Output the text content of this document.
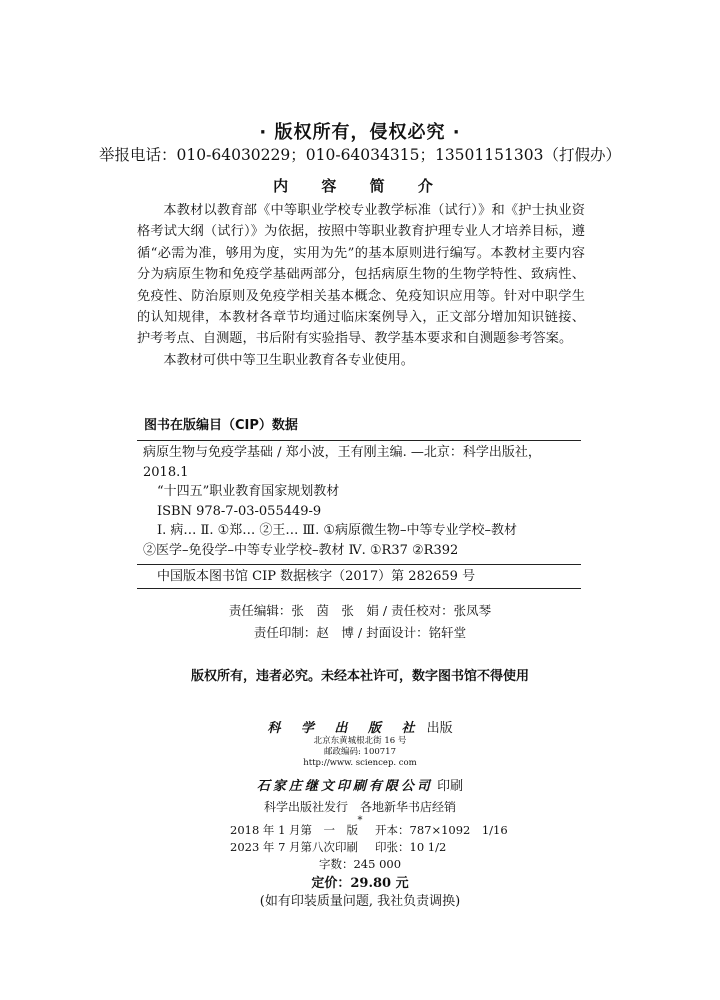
· 版权所有，侵权必究 ·
举报电话：010-64030229；010-64034315；13501151303（打假办）
内 容 简 介

本教材以教育部《中等职业学校专业教学标准（试行）》和《护士执业资格考试大纲（试行）》为依据，按照中等职业教育护理专业人才培养目标，遵循“必需为准，够用为度，实用为先”的基本原则进行编写。本教材主要内容分为病原生物和免疫学基础两部分，包括病原生物的生物学特性、致病性、免疫性、防治原则及免疫学相关基本概念、免疫知识应用等。针对中职学生的认知规律，本教材各章节均通过临床案例导入，正文部分增加知识链接、护考考点、自测题，书后附有实验指导、教学基本要求和自测题参考答案。

本教材可供中等卫生职业教育各专业使用。

图书在版编目（CIP）数据
病原生物与免疫学基础 / 郑小波，王有刚主编. —北京：科学出版社，
2018.1
“十四五”职业教育国家规划教材
ISBN 978-7-03-055449-9
Ⅰ. 病… Ⅱ. ①郑… ②王… Ⅲ. ①病原微生物–中等专业学校–教材
②医学–免役学–中等专业学校–教材 Ⅳ. ①R37 ②R392
中国版本图书馆 CIP 数据核字（2017）第 282659 号
责任编辑：张　茵　张　娟 / 责任校对：张凤琴
责任印制：赵　博 / 封面设计：铭轩堂
版权所有，违者必究。未经本社许可，数字图书馆不得使用
科 学 出 版 社 出版
北京东黄城根北街 16 号
邮政编码: 100717
http://www. sciencep. com
石家庄继文印刷有限公司 印刷
科学出版社发行　各地新华书店经销
*
2018 年 1 月第　一　版	开本：787×1092　1/16
2023 年 7 月第八次印刷	印张：10 1/2
字数：245 000
定价：29.80 元
(如有印装质量问题, 我社负责调换)
